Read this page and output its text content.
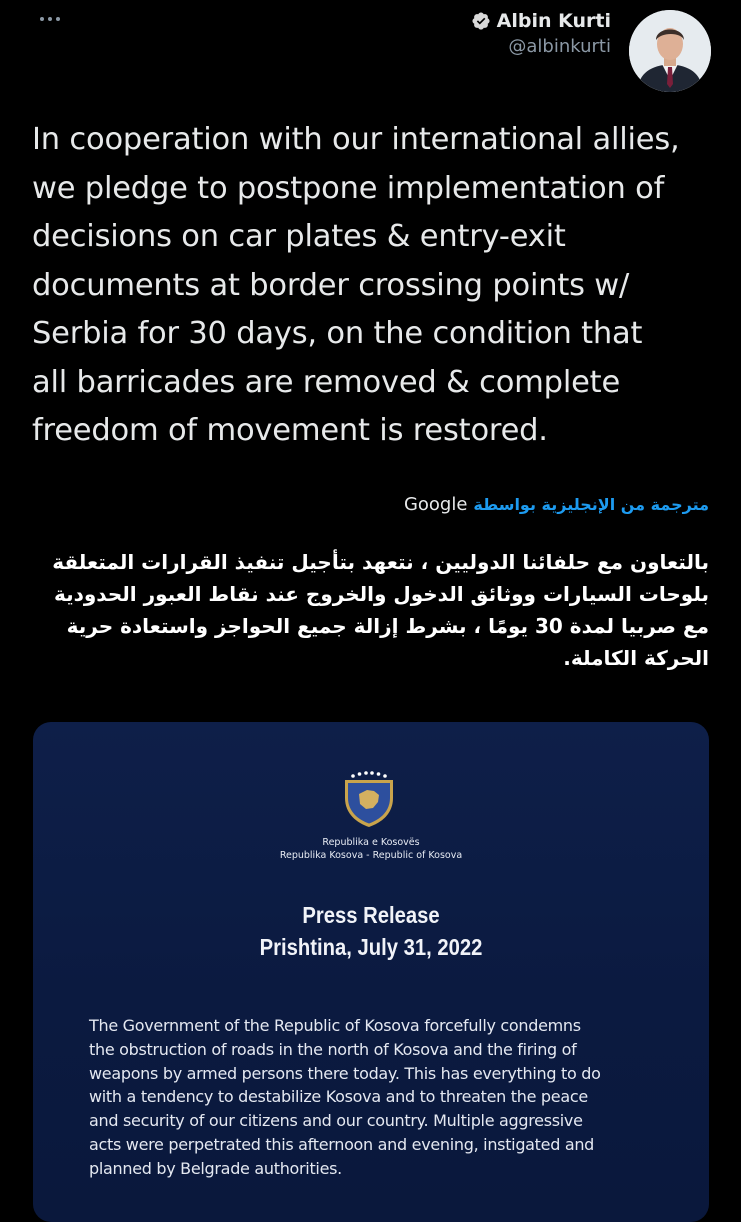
Albin Kurti
@albinkurti
In cooperation with our international allies,
we pledge to postpone implementation of
decisions on car plates & entry-exit
documents at border crossing points w/
Serbia for 30 days, on the condition that
all barricades are removed & complete
freedom of movement is restored.
مترجمة من الإنجليزية بواسطة
Google
بالتعاون مع حلفائنا الدوليين ، نتعهد بتأجيل تنفيذ القرارات المتعلقة بلوحات السيارات ووثائق الدخول والخروج عند نقاط العبور الحدودية مع صربيا لمدة 30 يومًا ، بشرط إزالة جميع الحواجز واستعادة حرية الحركة الكاملة.
Republika e Kosovës
Republika Kosova - Republic of Kosova
Press Release
Prishtina, July 31, 2022
The Government of the Republic of Kosova forcefully condemns
the obstruction of roads in the north of Kosova and the firing of
weapons by armed persons there today. This has everything to do
with a tendency to destabilize Kosova and to threaten the peace
and security of our citizens and our country. Multiple aggressive
acts were perpetrated this afternoon and evening, instigated and
planned by Belgrade authorities.
